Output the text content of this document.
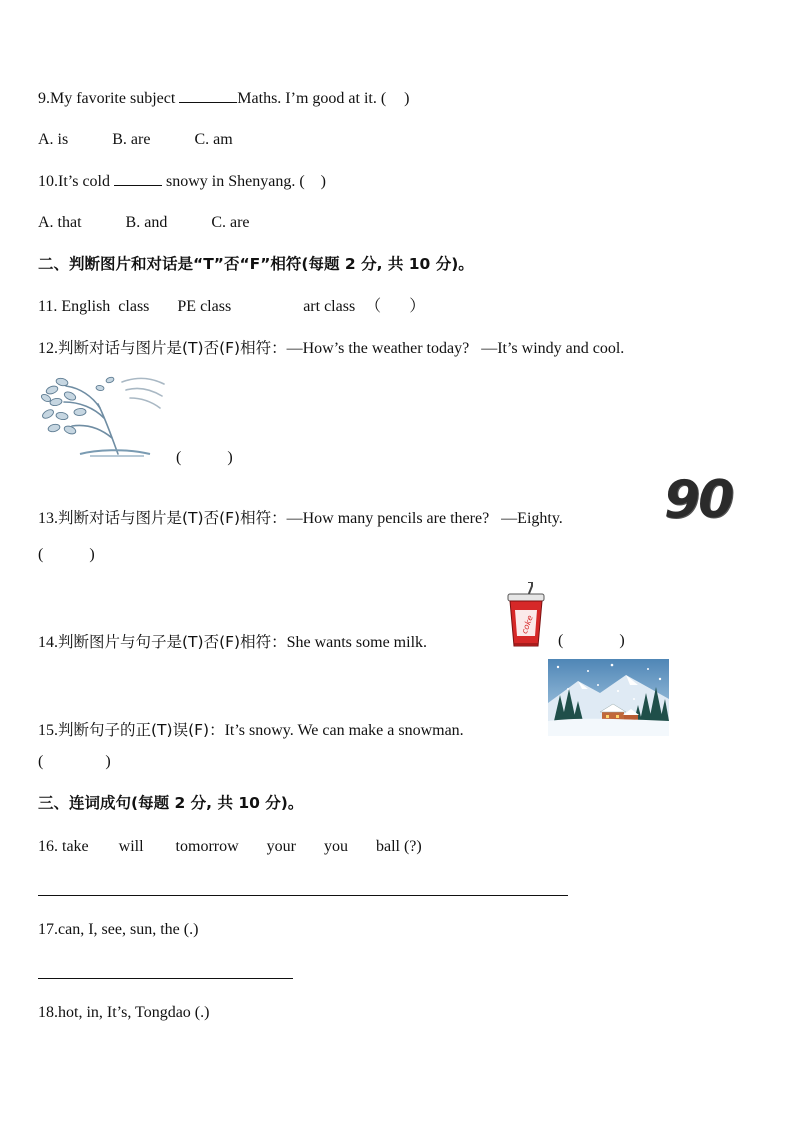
9.My favorite subject	Maths. I’m good at it. ( )
A. is	B. are	C. am
10.It’s cold	snowy in Shenyang. ( )
A. that	B. and	C. are
二、判断图片和对话是“T”否“F”相符(每题 2 分, 共 10 分)。
11. English  class PE class	art class （ ）
12.判断对话与图片是(T)否(F)相符：—How’s the weather today?   —It’s windy and cool.
(	)
13.判断对话与图片是(T)否(F)相符：—How many pencils are there?   —Eighty. 90
(	)
14.判断图片与句子是(T)否(F)相符：She wants some milk.
coke
(	)
15.判断句子的正(T)误(F)：It’s snowy. We can make a snowman.
(	)
三、连词成句(每题 2 分, 共 10 分)。
16. take will tomorrow your you ball (?)
17.can, I, see, sun, the (.)
18.hot, in, It’s, Tongdao (.)
